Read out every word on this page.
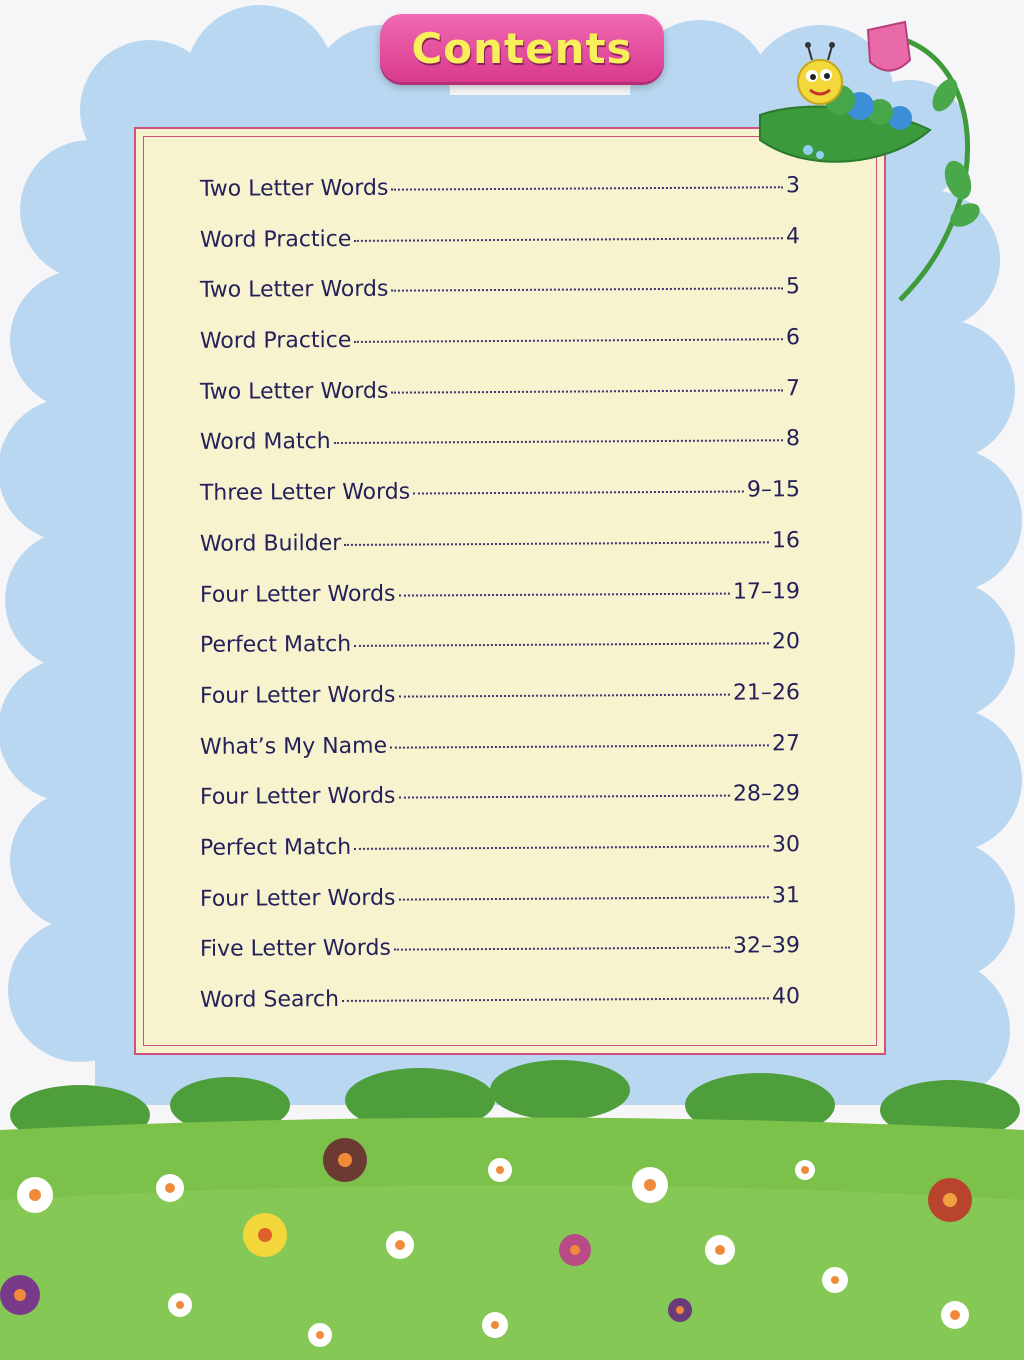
Contents
Two Letter Words	3
Word Practice	4
Two Letter Words	5
Word Practice	6
Two Letter Words	7
Word Match	8
Three Letter Words	9–15
Word Builder	16
Four Letter Words	17–19
Perfect Match	20
Four Letter Words	21–26
What’s My Name	27
Four Letter Words	28–29
Perfect Match	30
Four Letter Words	31
Five Letter Words	32–39
Word Search	40
